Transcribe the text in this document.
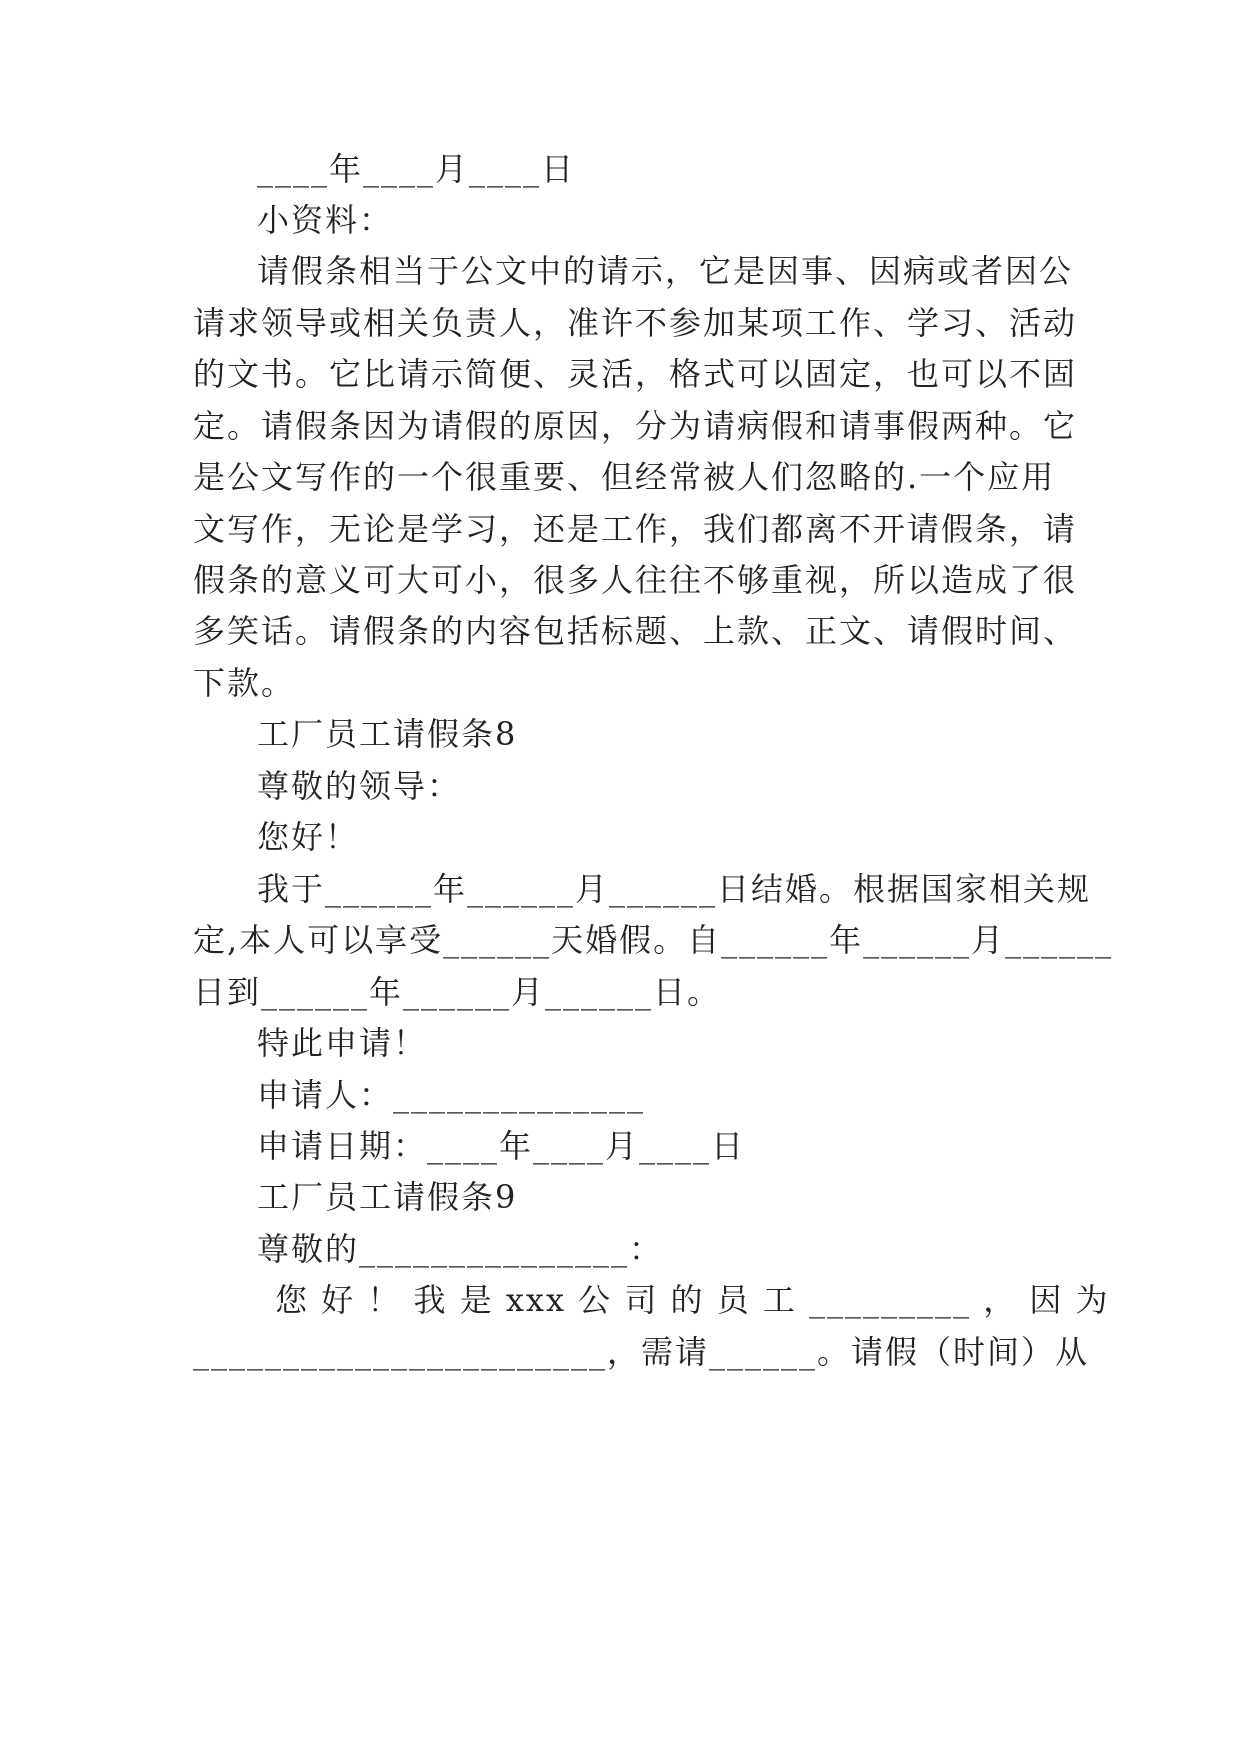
____年____月____日
小资料：
请假条相当于公文中的请示，它是因事、因病或者因公
请求领导或相关负责人，准许不参加某项工作、学习、活动
的文书。它比请示简便、灵活，格式可以固定，也可以不固
定。请假条因为请假的原因，分为请病假和请事假两种。它
是公文写作的一个很重要、但经常被人们忽略的.一个应用
文写作，无论是学习，还是工作，我们都离不开请假条，请
假条的意义可大可小，很多人往往不够重视，所以造成了很
多笑话。请假条的内容包括标题、上款、正文、请假时间、
下款。
工厂员工请假条8
尊敬的领导：
您好！
我于______年______月______日结婚。根据国家相关规
定,本人可以享受______天婚假。自______年______月______
日到______年______月______日。
特此申请！
申请人：______________
申请日期：____年____月____日
工厂员工请假条9
尊敬的_______________：
您 好 ！ 我 是 xxx 公 司 的 员 工 _________ ， 因 为
_______________________，需请______。请假（时间）从
